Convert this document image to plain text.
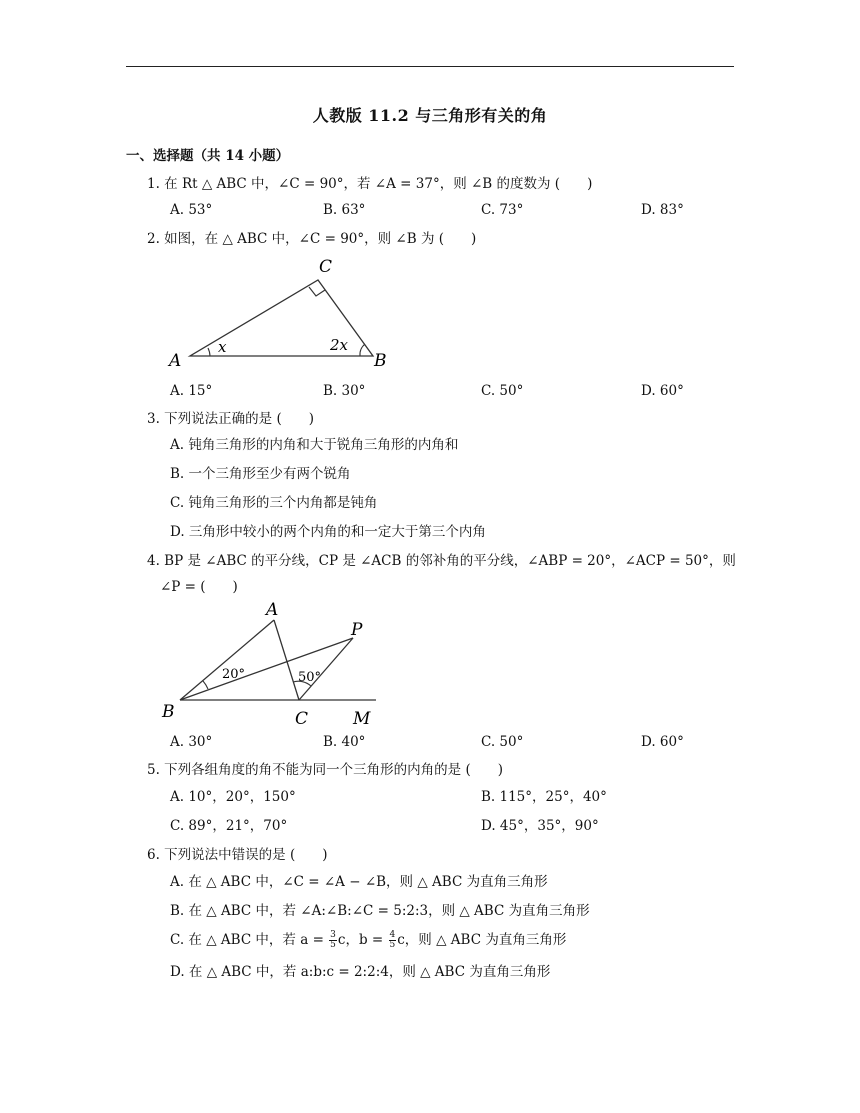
人教版 11.2 与三角形有关的角
一、选择题（共 14 小题）
1. 在 Rt △ ABC 中，∠C = 90°，若 ∠A = 37°，则 ∠B 的度数为 (　　)
A. 53°	B. 63°	C. 73°	D. 83°
2. 如图，在 △ ABC 中，∠C = 90°，则 ∠B 为 (　　)
A	B
C
x	2x
A. 15°	B. 30°	C. 50°	D. 60°
3. 下列说法正确的是 (　　)
A. 钝角三角形的内角和大于锐角三角形的内角和
B. 一个三角形至少有两个锐角
C. 钝角三角形的三个内角都是钝角
D. 三角形中较小的两个内角的和一定大于第三个内角
4. BP 是 ∠ABC 的平分线，CP 是 ∠ACB 的邻补角的平分线，∠ABP = 20°，∠ACP = 50°，则
∠P = (　　)
B
A
C	M
P
20°	50°
A. 30°	B. 40°	C. 50°	D. 60°
5. 下列各组角度的角不能为同一个三角形的内角的是 (　　)
A. 10°，20°，150°	B. 115°，25°，40°
C. 89°，21°，70°	D. 45°，35°，90°
6. 下列说法中错误的是 (　　)
A. 在 △ ABC 中，∠C = ∠A − ∠B，则 △ ABC 为直角三角形
B. 在 △ ABC 中，若 ∠A:∠B:∠C = 5:2:3，则 △ ABC 为直角三角形
C. 在 △ ABC 中，若 $a = \frac{3}{5}$ c，$b = \frac{4}{5}$ c，则 △ ABC 为直角三角形
D. 在 △ ABC 中，若 a:b:c = 2:2:4，则 △ ABC 为直角三角形
